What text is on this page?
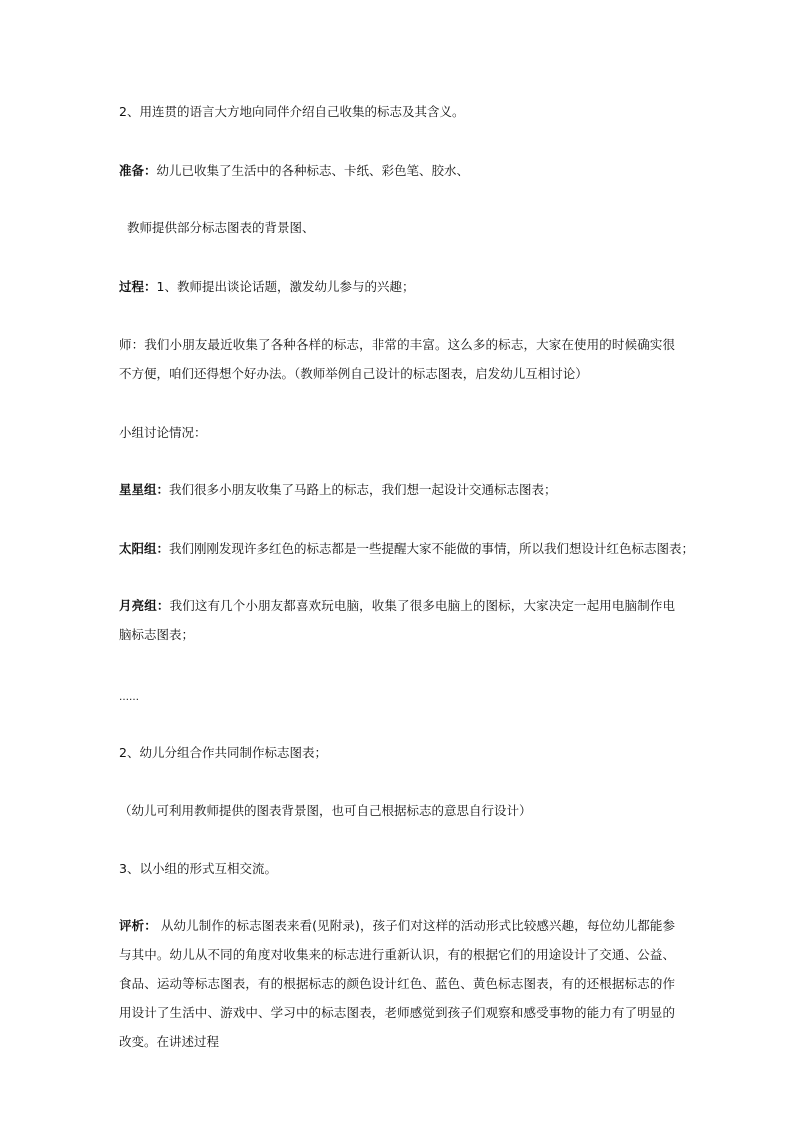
2、用连贯的语言大方地向同伴介绍自己收集的标志及其含义。
准备：幼儿已收集了生活中的各种标志、卡纸、彩色笔、胶水、
教师提供部分标志图表的背景图、
过程：1、教师提出谈论话题，激发幼儿参与的兴趣；
师：我们小朋友最近收集了各种各样的标志，非常的丰富。这么多的标志，大家在使用的时候确实很不方便，咱们还得想个好办法。（教师举例自己设计的标志图表，启发幼儿互相讨论）
小组讨论情况：
星星组：我们很多小朋友收集了马路上的标志，我们想一起设计交通标志图表；
太阳组：我们刚刚发现许多红色的标志都是一些提醒大家不能做的事情，所以我们想设计红色标志图表；
月亮组：我们这有几个小朋友都喜欢玩电脑，收集了很多电脑上的图标，大家决定一起用电脑制作电脑标志图表；
……
2、幼儿分组合作共同制作标志图表；
（幼儿可利用教师提供的图表背景图，也可自己根据标志的意思自行设计）
3、以小组的形式互相交流。
评析： 从幼儿制作的标志图表来看(见附录)，孩子们对这样的活动形式比较感兴趣，每位幼儿都能参与其中。幼儿从不同的角度对收集来的标志进行重新认识，有的根据它们的用途设计了交通、公益、食品、运动等标志图表，有的根据标志的颜色设计红色、蓝色、黄色标志图表，有的还根据标志的作用设计了生活中、游戏中、学习中的标志图表，老师感觉到孩子们观察和感受事物的能力有了明显的改变。在讲述过程
